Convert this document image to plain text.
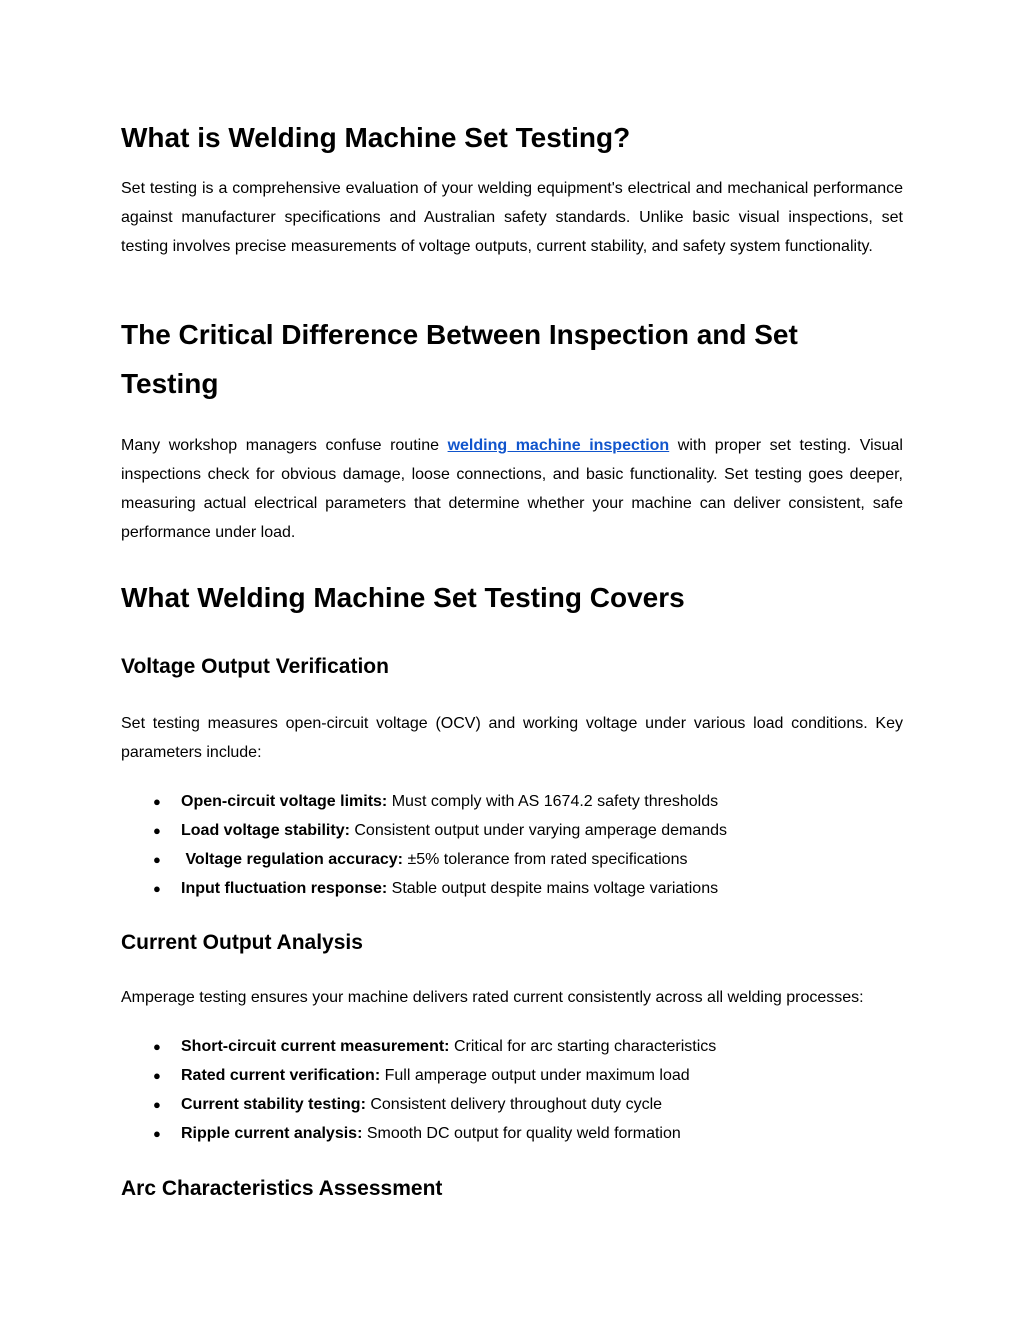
What is Welding Machine Set Testing?

Set testing is a comprehensive evaluation of your welding equipment's electrical and mechanical performance against manufacturer specifications and Australian safety standards. Unlike basic visual inspections, set testing involves precise measurements of voltage outputs, current stability, and safety system functionality.

The Critical Difference Between Inspection and Set
Testing

Many workshop managers confuse routine welding machine inspection with proper set testing. Visual inspections check for obvious damage, loose connections, and basic functionality. Set testing goes deeper, measuring actual electrical parameters that determine whether your machine can deliver consistent, safe performance under load.

What Welding Machine Set Testing Covers
Voltage Output Verification

Set testing measures open-circuit voltage (OCV) and working voltage under various load conditions. Key parameters include:

● Open-circuit voltage limits: Must comply with AS 1674.2 safety thresholds
● Load voltage stability: Consistent output under varying amperage demands
● Voltage regulation accuracy: ±5% tolerance from rated specifications
● Input fluctuation response: Stable output despite mains voltage variations
Current Output Analysis

Amperage testing ensures your machine delivers rated current consistently across all welding processes:

● Short-circuit current measurement: Critical for arc starting characteristics
● Rated current verification: Full amperage output under maximum load
● Current stability testing: Consistent delivery throughout duty cycle
● Ripple current analysis: Smooth DC output for quality weld formation
Arc Characteristics Assessment
